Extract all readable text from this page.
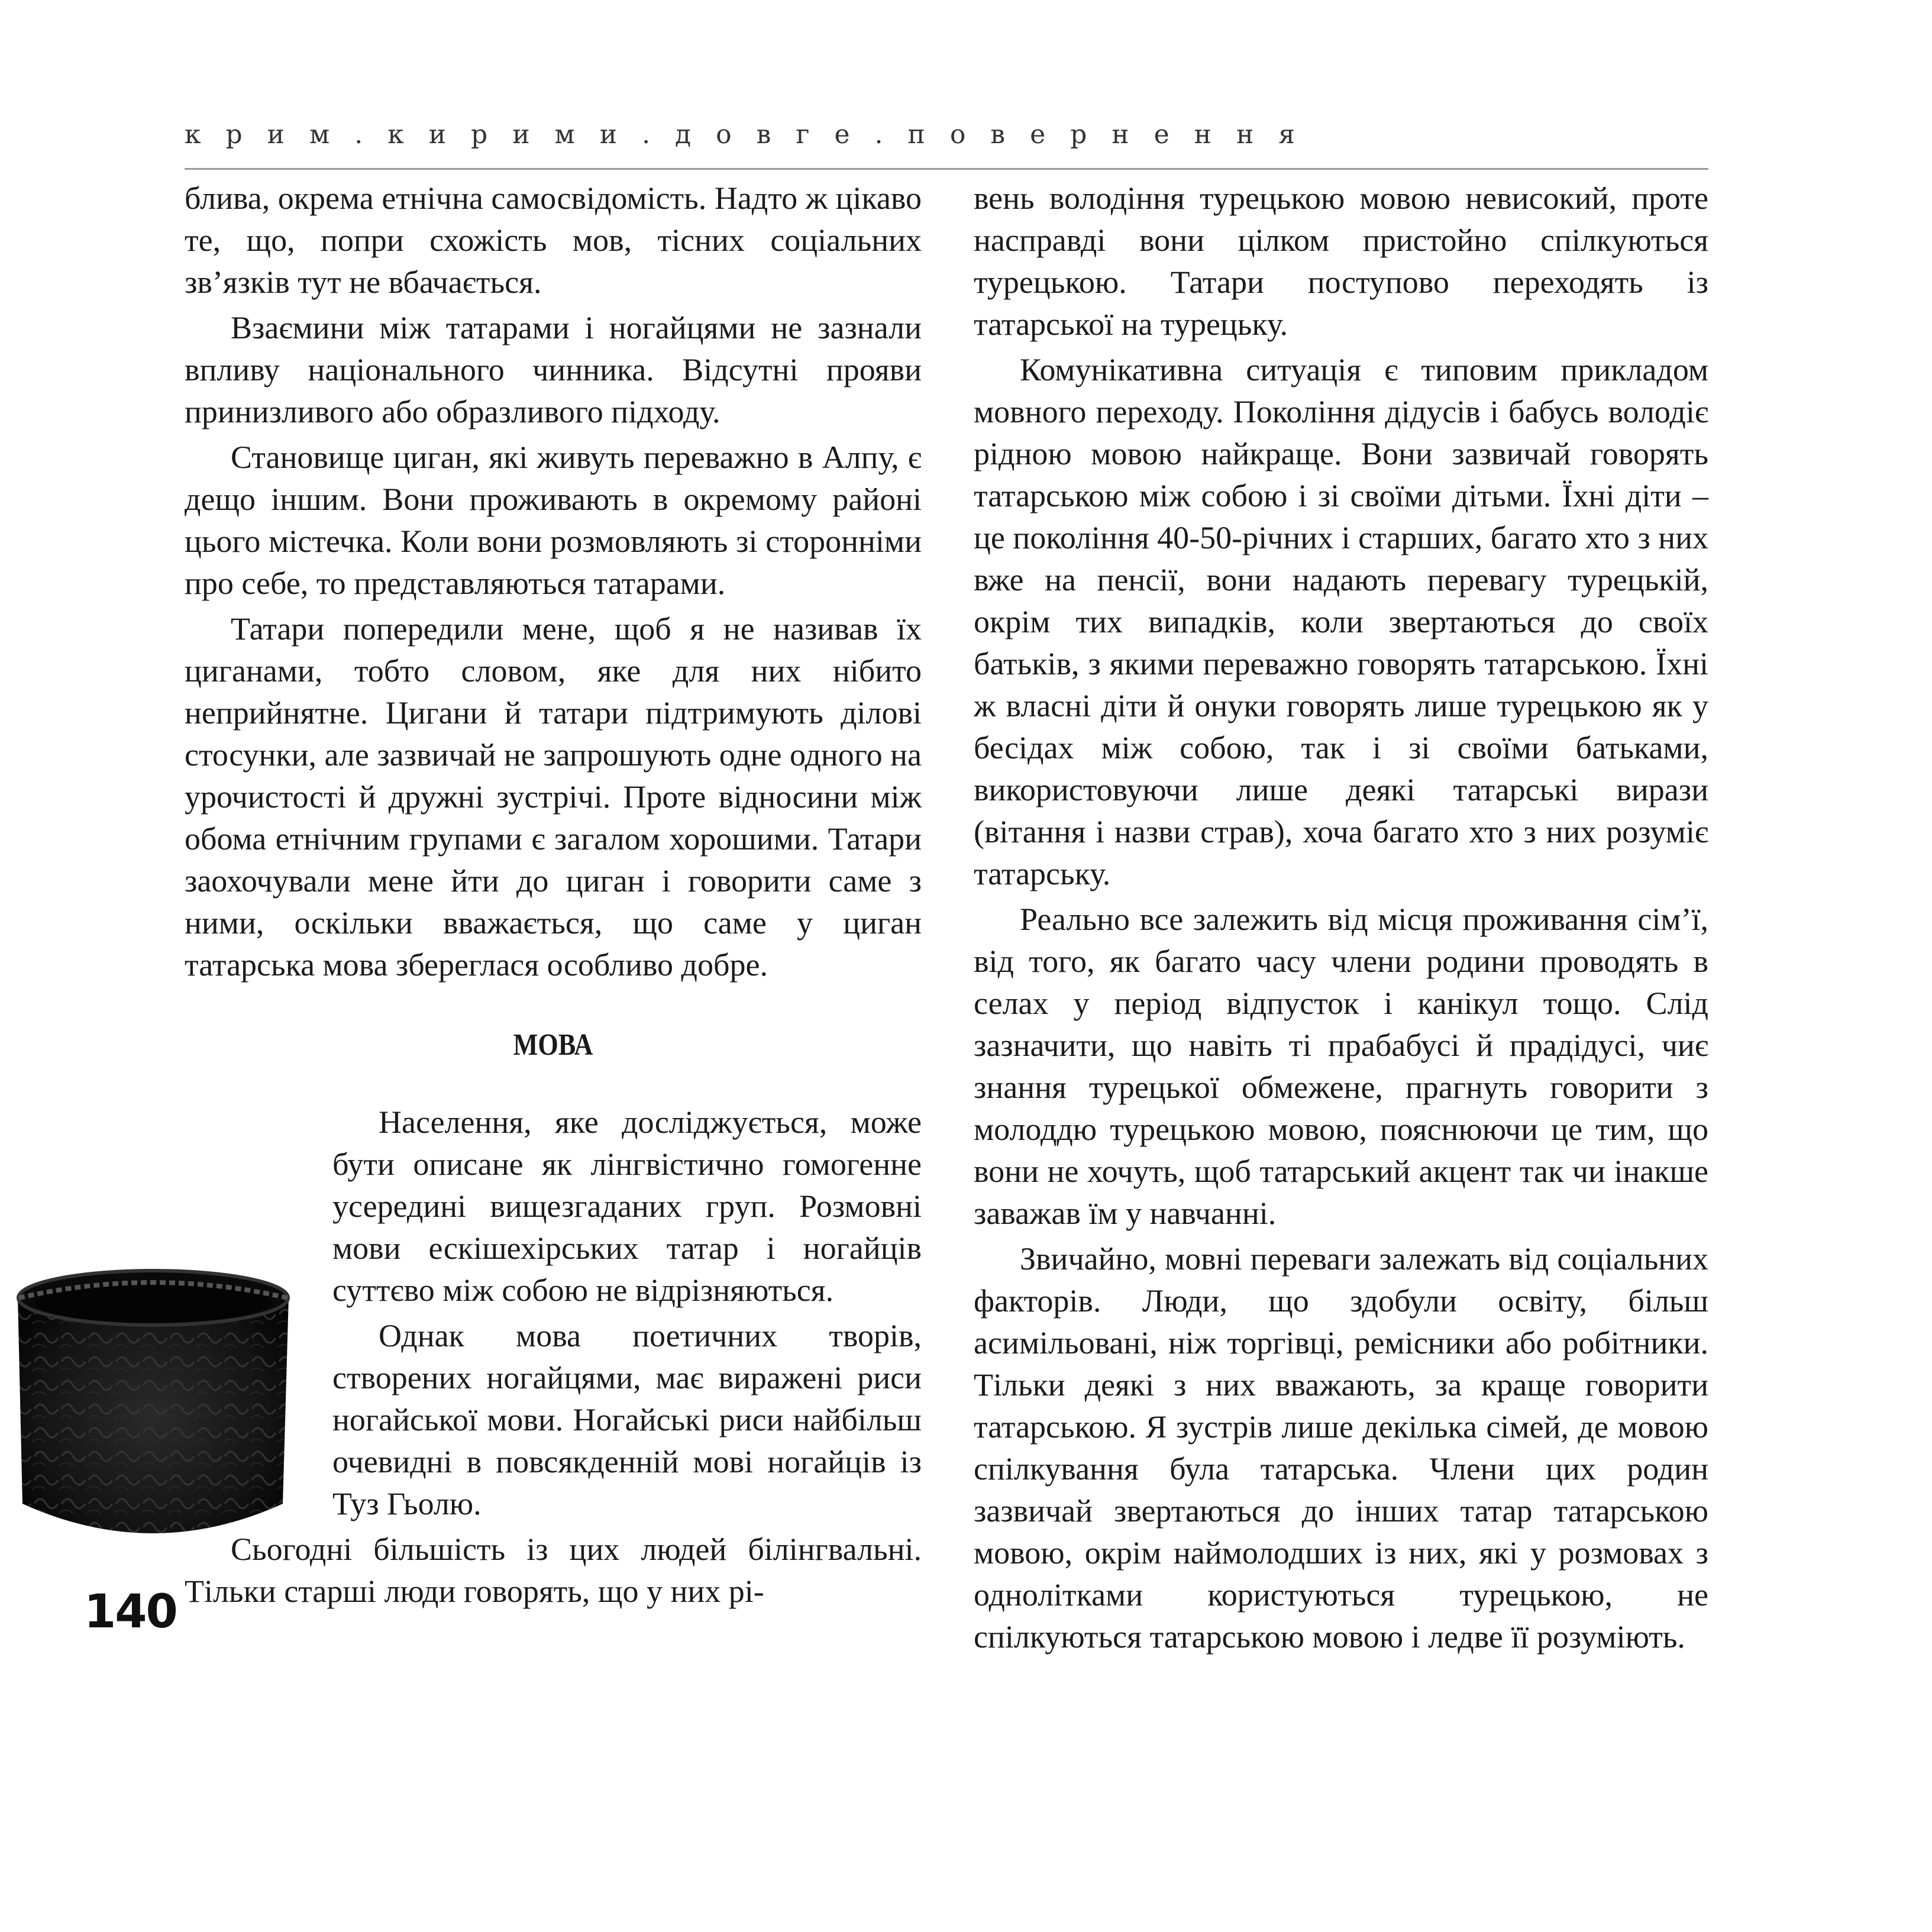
крим.кирими.довге.повернення

блива, окрема етнічна самосвідомість. Надто ж цікаво те, що, попри схожість мов, тісних соціальних зв’язків тут не вбачається.

Взаємини між татарами і ногайцями не зазнали впливу національного чинника. Відсутні прояви принизливого або образливого підходу.

Становище циган, які живуть переважно в Алпу, є дещо іншим. Вони проживають в окремому районі цього містечка. Коли вони розмовляють зі сторонніми про себе, то представляються татарами.

Татари попередили мене, щоб я не називав їх циганами, тобто словом, яке для них нібито неприйнятне. Цигани й татари підтримують ділові стосунки, але зазвичай не запрошують одне одного на урочистості й дружні зустрічі. Проте відносини між обома етнічним групами є загалом хорошими. Татари заохочували мене йти до циган і говорити саме з ними, оскільки вважається, що саме у циган татарська мова збереглася особливо добре.

МОВА

Населення, яке досліджується, може бути описане як лінгвістично гомогенне усередині вищезгаданих груп. Розмовні мови ескішехірських татар і ногайців суттєво між собою не відрізняються.

Однак мова поетичних творів, створених ногайцями, має виражені риси ногайської мови. Ногайські риси найбільш очевидні в повсякденній мові ногайців із Туз Гьолю.

Сьогодні більшість із цих людей білінгвальні. Тільки старші люди говорять, що у них рі-

вень володіння турецькою мовою невисокий, проте насправді вони цілком пристойно спілкуються турецькою. Татари поступово переходять із татарської на турецьку.

Комунікативна ситуація є типовим прикладом мовного переходу. Покоління дідусів і бабусь володіє рідною мовою найкраще. Вони зазвичай говорять татарською між собою і зі своїми дітьми. Їхні діти – це покоління 40-50-річних і старших, багато хто з них вже на пенсії, вони надають перевагу турецькій, окрім тих випадків, коли звертаються до своїх батьків, з якими переважно говорять татарською. Їхні ж власні діти й онуки говорять лише турецькою як у бесідах між собою, так і зі своїми батьками, використовуючи лише деякі татарські вирази (вітання і назви страв), хоча багато хто з них розуміє татарську.

Реально все залежить від місця проживання сім’ї, від того, як багато часу члени родини проводять в селах у період відпусток і канікул тощо. Слід зазначити, що навіть ті прабабусі й прадідусі, чиє знання турецької обмежене, прагнуть говорити з молоддю турецькою мовою, пояснюючи це тим, що вони не хочуть, щоб татарський акцент так чи інакше заважав їм у навчанні.

Звичайно, мовні переваги залежать від соціальних факторів. Люди, що здобули освіту, більш асимільовані, ніж торгівці, ремісники або робітники. Тільки деякі з них вважають, за краще говорити татарською. Я зустрів лише декілька сімей, де мовою спілкування була татарська. Члени цих родин зазвичай звертаються до інших татар татарською мовою, окрім наймолодших із них, які у розмовах з однолітками користуються турецькою, не спілкуються татарською мовою і ледве її розуміють.

140
